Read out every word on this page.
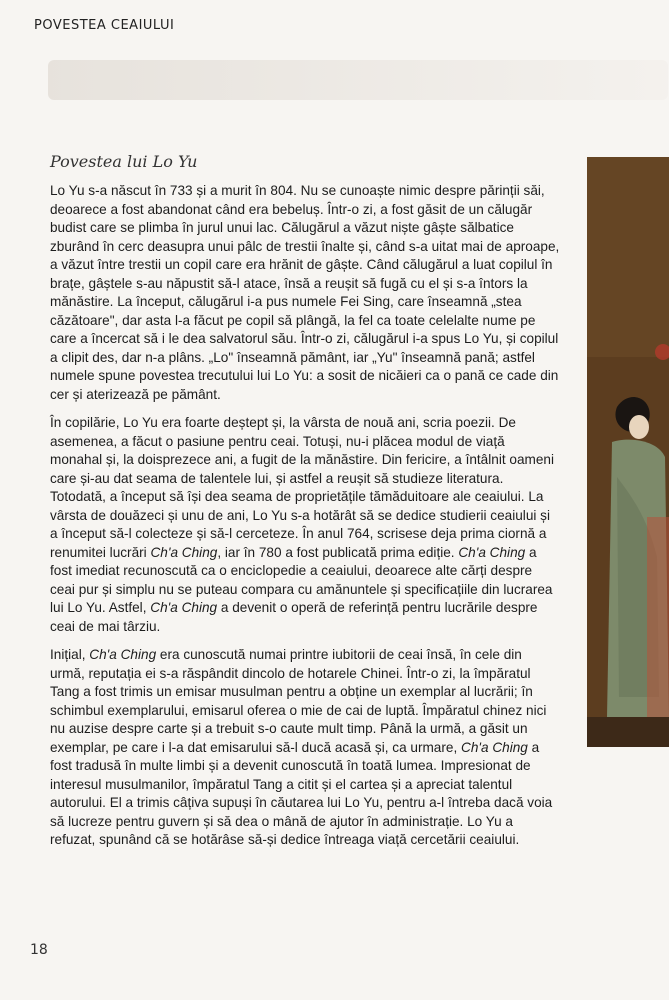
POVESTEA CEAIULUI
Povestea lui Lo Yu

Lo Yu s-a născut în 733 și a murit în 804. Nu se cunoaște nimic despre părinții săi, deoarece a fost abandonat când era bebeluș. Într-o zi, a fost găsit de un călugăr budist care se plimba în jurul unui lac. Călugărul a văzut niște gâște sălbatice zburând în cerc deasupra unui pâlc de trestii înalte și, când s-a uitat mai de aproape, a văzut între trestii un copil care era hrănit de gâște. Când călugărul a luat copilul în brațe, gâștele s-au năpustit să-l atace, însă a reușit să fugă cu el și s-a întors la mănăstire. La început, călugărul i-a pus numele Fei Sing, care înseamnă „stea căzătoare", dar asta l-a făcut pe copil să plângă, la fel ca toate celelalte nume pe care a încercat să i le dea salvatorul său. Într-o zi, călugărul i-a spus Lo Yu, și copilul a clipit des, dar n-a plâns. „Lo" înseamnă pământ, iar „Yu" înseamnă pană; astfel numele spune povestea trecutului lui Lo Yu: a sosit de nicăieri ca o pană ce cade din cer și aterizează pe pământ.

În copilărie, Lo Yu era foarte deștept și, la vârsta de nouă ani, scria poezii. De asemenea, a făcut o pasiune pentru ceai. Totuși, nu-i plăcea modul de viață monahal și, la doisprezece ani, a fugit de la mănăstire. Din fericire, a întâlnit oameni care și-au dat seama de talentele lui, și astfel a reușit să studieze literatura. Totodată, a început să își dea seama de proprietățile tămăduitoare ale ceaiului. La vârsta de douăzeci și unu de ani, Lo Yu s-a hotărât să se dedice studierii ceaiului și a început să-l colecteze și să-l cerceteze. În anul 764, scrisese deja prima ciornă a renumitei lucrări Ch'a Ching, iar în 780 a fost publicată prima ediție. Ch'a Ching a fost imediat recunoscută ca o enciclopedie a ceaiului, deoarece alte cărți despre ceai pur și simplu nu se puteau compara cu amănuntele și specificațiile din lucrarea lui Lo Yu. Astfel, Ch'a Ching a devenit o operă de referință pentru lucrările despre ceai de mai târziu.

Inițial, Ch'a Ching era cunoscută numai printre iubitorii de ceai însă, în cele din urmă, reputația ei s-a răspândit dincolo de hotarele Chinei. Într-o zi, la împăratul Tang a fost trimis un emisar musulman pentru a obține un exemplar al lucrării; în schimbul exemplarului, emisarul oferea o mie de cai de luptă. Împăratul chinez nici nu auzise despre carte și a trebuit s-o caute mult timp. Până la urmă, a găsit un exemplar, pe care i l-a dat emisarului să-l ducă acasă și, ca urmare, Ch'a Ching a fost tradusă în multe limbi și a devenit cunoscută în toată lumea. Impresionat de interesul musulmanilor, împăratul Tang a citit și el cartea și a apreciat talentul autorului. El a trimis câțiva supuși în căutarea lui Lo Yu, pentru a-l întreba dacă voia să lucreze pentru guvern și să dea o mână de ajutor în administrație. Lo Yu a refuzat, spunând că se hotărâse să-și dedice întreaga viață cercetării ceaiului.

18
